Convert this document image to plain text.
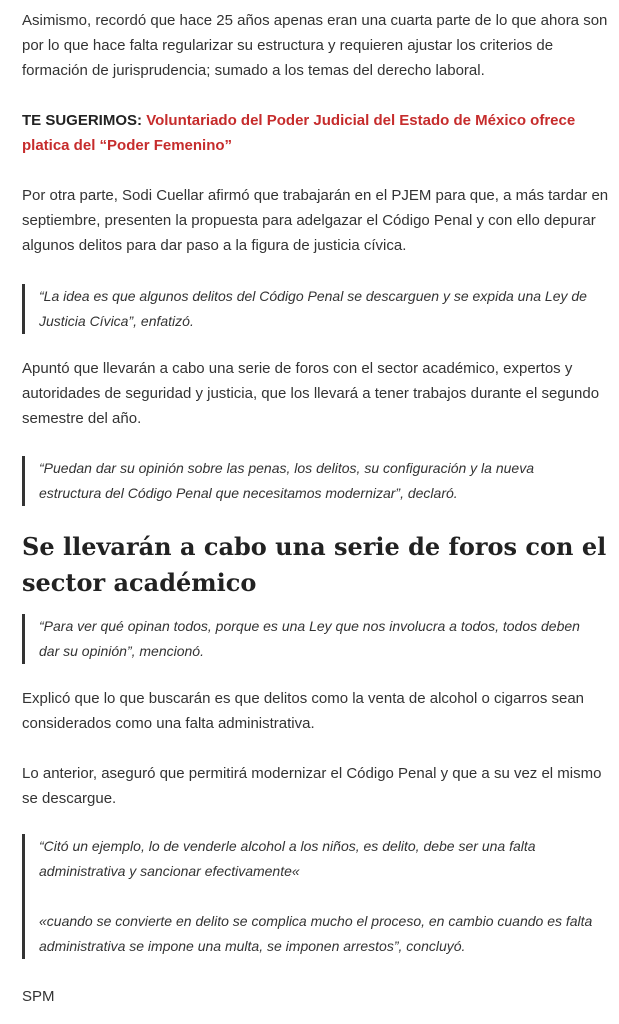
Asimismo, recordó que hace 25 años apenas eran una cuarta parte de lo que ahora son por lo que hace falta regularizar su estructura y requieren ajustar los criterios de formación de jurisprudencia; sumado a los temas del derecho laboral.

TE SUGERIMOS: Voluntariado del Poder Judicial del Estado de México ofrece platica del “Poder Femenino”

Por otra parte, Sodi Cuellar afirmó que trabajarán en el PJEM para que, a más tardar en septiembre, presenten la propuesta para adelgazar el Código Penal y con ello depurar algunos delitos para dar paso a la figura de justicia cívica.

“La idea es que algunos delitos del Código Penal se descarguen y se expida una Ley de Justicia Cívica”, enfatizó.

Apuntó que llevarán a cabo una serie de foros con el sector académico, expertos y autoridades de seguridad y justicia, que los llevará a tener trabajos durante el segundo semestre del año.

“Puedan dar su opinión sobre las penas, los delitos, su configuración y la nueva estructura del Código Penal que necesitamos modernizar”, declaró.

Se llevarán a cabo una serie de foros con el sector académico

“Para ver qué opinan todos, porque es una Ley que nos involucra a todos, todos deben dar su opinión”, mencionó.

Explicó que lo que buscarán es que delitos como la venta de alcohol o cigarros sean considerados como una falta administrativa.

Lo anterior, aseguró que permitirá modernizar el Código Penal y que a su vez el mismo se descargue.

“Citó un ejemplo, lo de venderle alcohol a los niños, es delito, debe ser una falta administrativa y sancionar efectivamente«

«cuando se convierte en delito se complica mucho el proceso, en cambio cuando es falta administrativa se impone una multa, se imponen arrestos”, concluyó.

SPM
